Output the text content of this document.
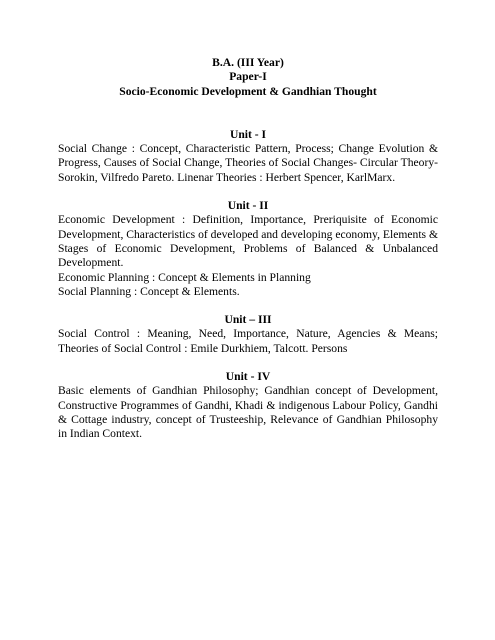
B.A. (III Year)

Paper-I

Socio-Economic Development & Gandhian Thought

Unit - I

Social Change : Concept, Characteristic Pattern, Process; Change Evolution & Progress, Causes of Social Change, Theories of Social Changes- Circular Theory- Sorokin, Vilfredo Pareto. Linenar Theories : Herbert Spencer, KarlMarx.

Unit - II

Economic Development : Definition, Importance, Preriquisite of Economic Development, Characteristics of developed and developing economy, Elements & Stages of Economic Development, Problems of Balanced & Unbalanced Development.

Economic Planning : Concept & Elements in Planning

Social Planning : Concept & Elements.

Unit – III

Social Control : Meaning, Need, Importance, Nature, Agencies & Means; Theories of Social Control : Emile Durkhiem, Talcott. Persons

Unit - IV

Basic elements of Gandhian Philosophy; Gandhian concept of Development, Constructive Programmes of Gandhi, Khadi & indigenous Labour Policy, Gandhi & Cottage industry, concept of Trusteeship, Relevance of Gandhian Philosophy in Indian Context.
